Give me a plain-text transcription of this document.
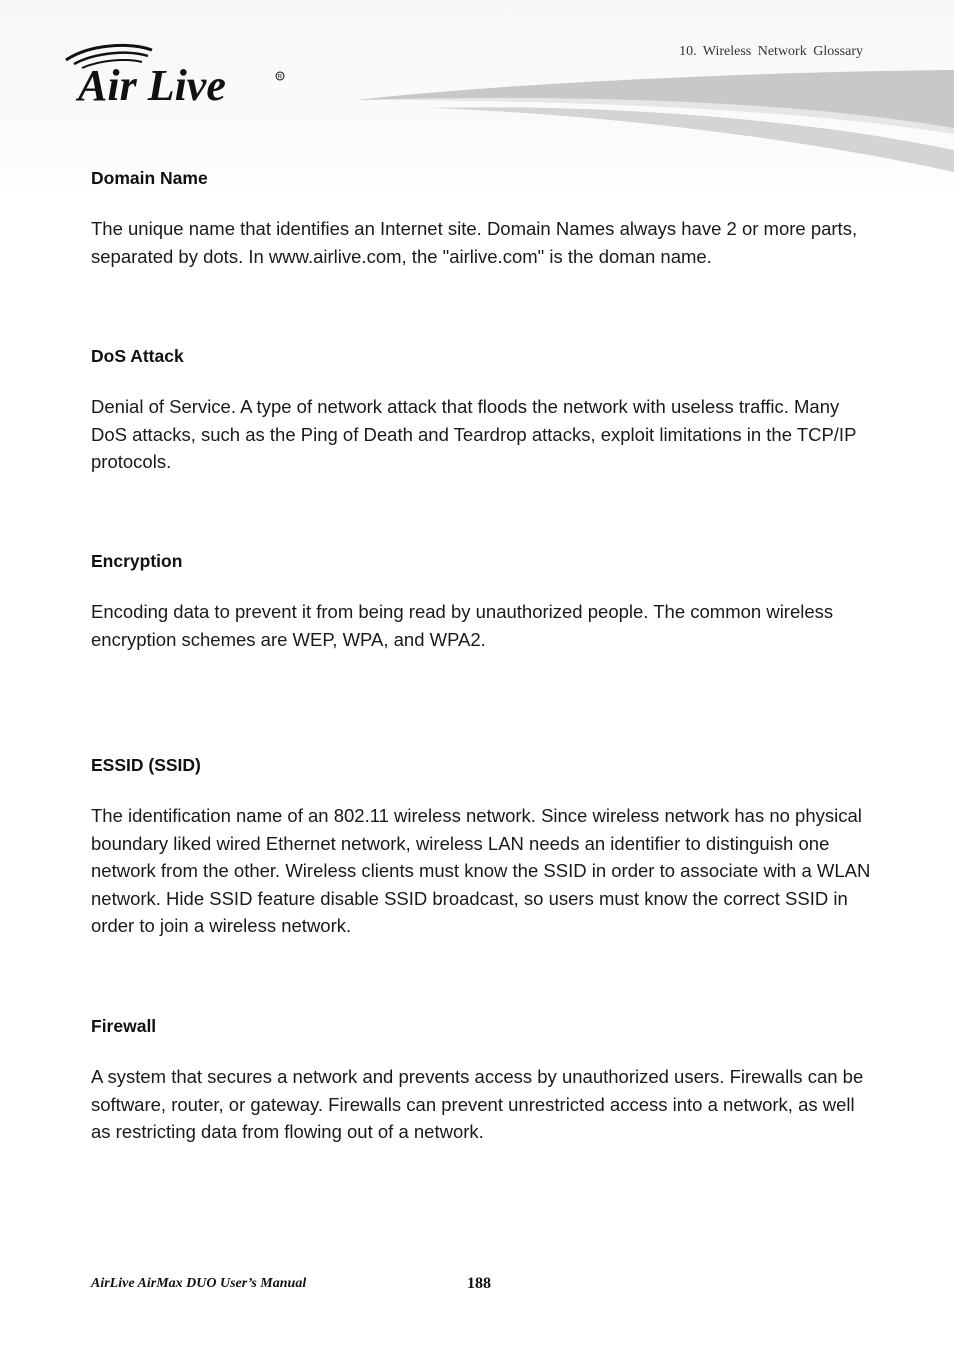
Air Live	R
10. Wireless Network Glossary
Domain Name
The unique name that identifies an Internet site. Domain Names always have 2 or more parts, separated by dots. In www.airlive.com, the "airlive.com" is the doman name.
DoS Attack
Denial of Service. A type of network attack that floods the network with useless traffic. Many DoS attacks, such as the Ping of Death and Teardrop attacks, exploit limitations in the TCP/IP protocols.
Encryption
Encoding data to prevent it from being read by unauthorized people. The common wireless encryption schemes are WEP, WPA, and WPA2.
ESSID (SSID)
The identification name of an 802.11 wireless network. Since wireless network has no physical boundary liked wired Ethernet network, wireless LAN needs an identifier to distinguish one network from the other. Wireless clients must know the SSID in order to associate with a WLAN network. Hide SSID feature disable SSID broadcast, so users must know the correct SSID in order to join a wireless network.
Firewall
A system that secures a network and prevents access by unauthorized users. Firewalls can be software, router, or gateway. Firewalls can prevent unrestricted access into a network, as well as restricting data from flowing out of a network.
AirLive AirMax DUO User’s Manual	188
